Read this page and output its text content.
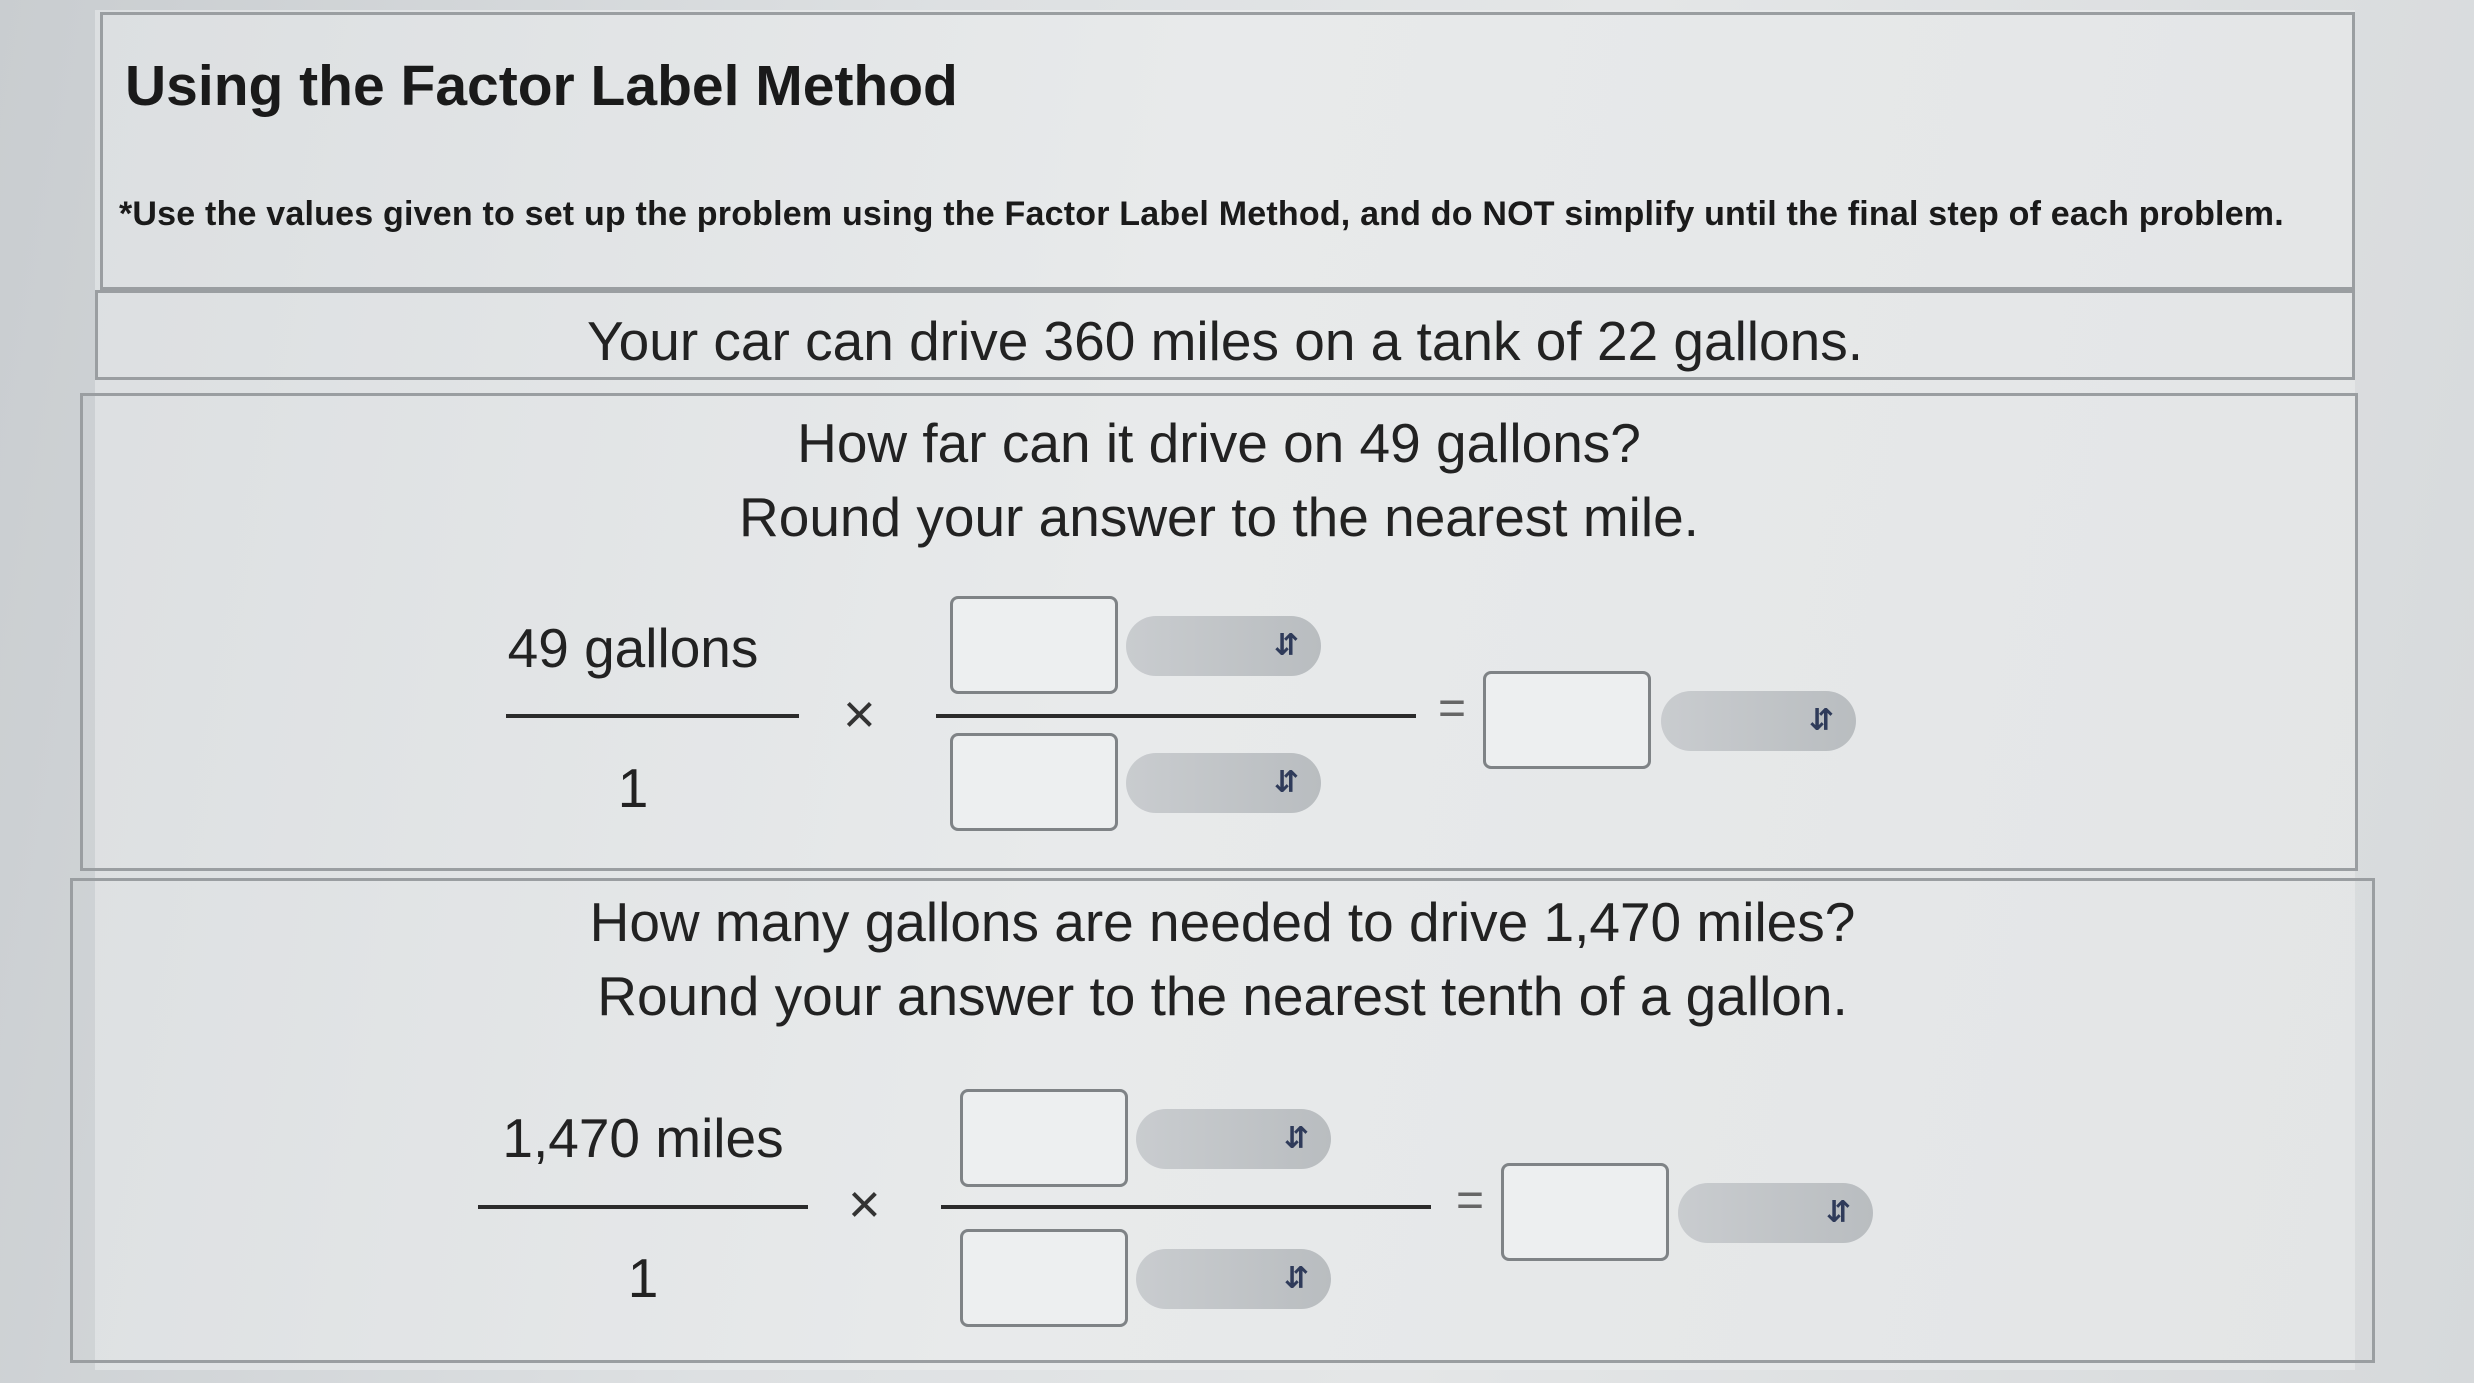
Using the Factor Label Method
*Use the values given to set up the problem using the Factor Label Method, and do NOT simplify until the final step of each problem.
Your car can drive 360 miles on a tank of 22 gallons.
How far can it drive on 49 gallons?
Round your answer to the nearest mile.
49 gallons
1
×
⇵
⇵
=	⇵
How many gallons are needed to drive 1,470 miles?
Round your answer to the nearest tenth of a gallon.
1,470 miles
1
×
⇵
⇵
=	⇵
